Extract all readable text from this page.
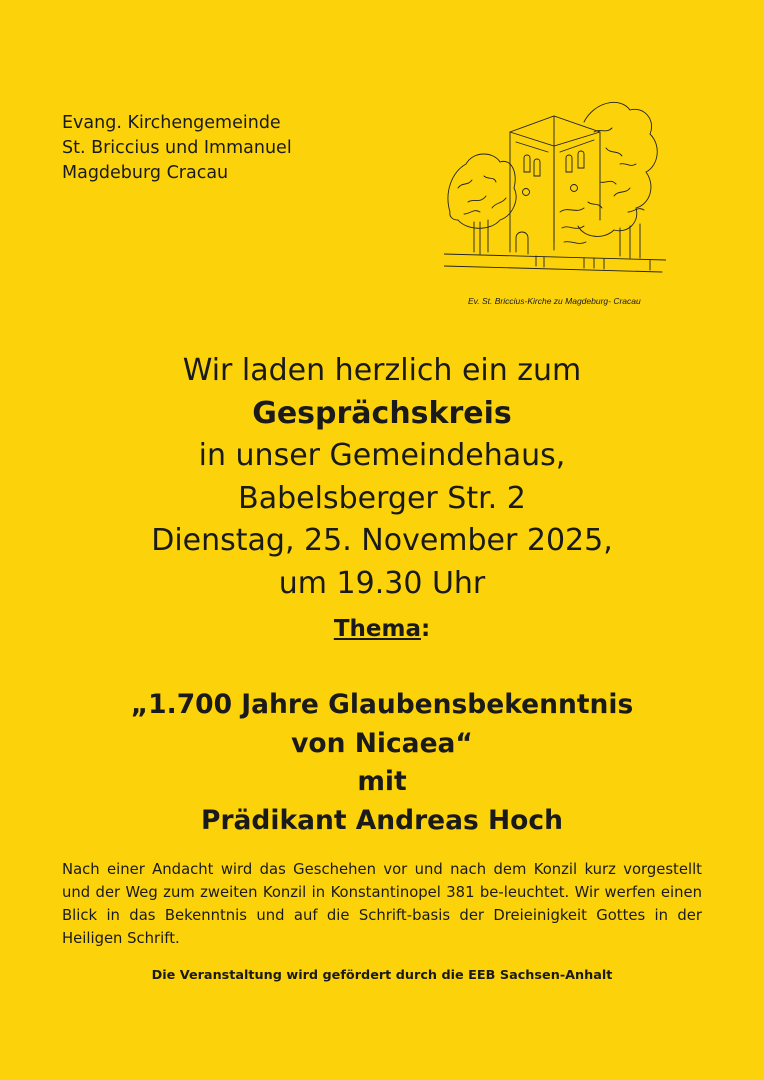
Evang. Kirchengemeinde
St. Briccius und Immanuel
Magdeburg Cracau
Ev. St. Briccius-Kirche zu Magdeburg- Cracau
Wir laden herzlich ein zum
Gesprächskreis
in unser Gemeindehaus,
Babelsberger Str. 2
Dienstag, 25. November 2025,
um 19.30 Uhr
Thema:
„1.700 Jahre Glaubensbekenntnis
von Nicaea“
mit
Prädikant Andreas Hoch
Nach einer Andacht wird das Geschehen vor und nach dem Konzil kurz vorgestellt und der Weg zum zweiten Konzil in Konstantinopel 381 be-leuchtet. Wir werfen einen Blick in das Bekenntnis und auf die Schrift-basis der Dreieinigkeit Gottes in der Heiligen Schrift.
Die Veranstaltung wird gefördert durch die EEB Sachsen-Anhalt
